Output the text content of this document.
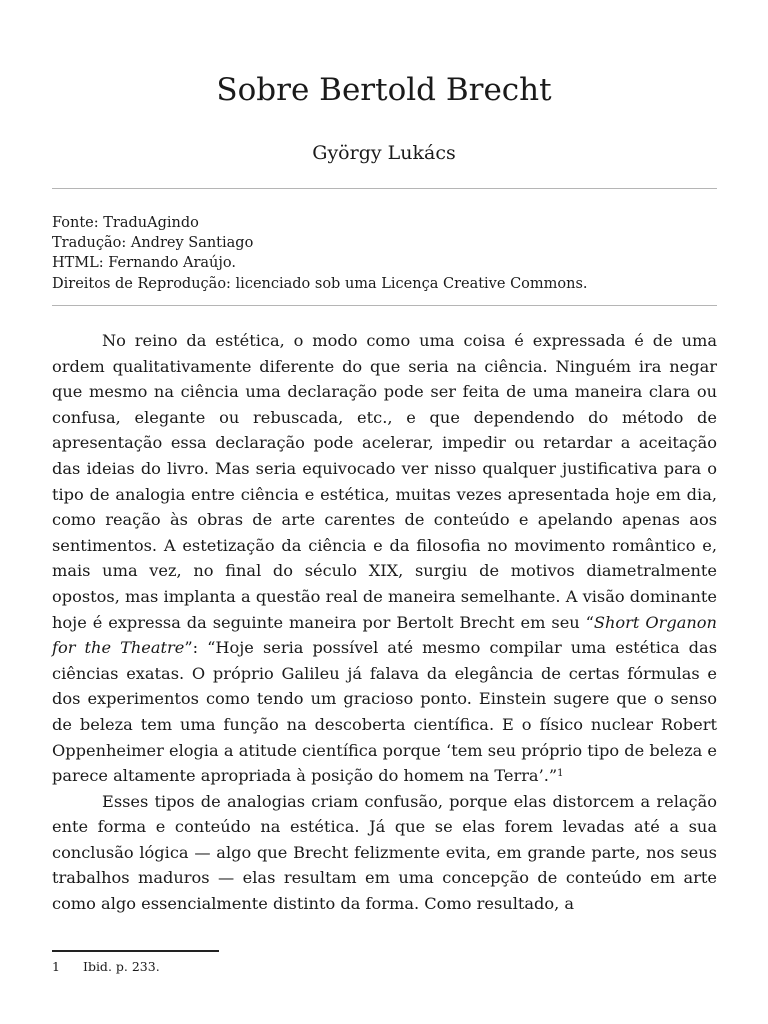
Sobre Bertold Brecht
György Lukács
Fonte: TraduAgindo
Tradução: Andrey Santiago
HTML: Fernando Araújo.
Direitos de Reprodução: licenciado sob uma Licença Creative Commons.

No reino da estética, o modo como uma coisa é expressada é de uma ordem qualitativamente diferente do que seria na ciência. Ninguém ira negar que mesmo na ciência uma declaração pode ser feita de uma maneira clara ou confusa, elegante ou rebuscada, etc., e que dependendo do método de apresentação essa declaração pode acelerar, impedir ou retardar a aceitação das ideias do livro. Mas seria equivocado ver nisso qualquer justificativa para o tipo de analogia entre ciência e estética, muitas vezes apresentada hoje em dia, como reação às obras de arte carentes de conteúdo e apelando apenas aos sentimentos. A estetização da ciência e da filosofia no movimento romântico e, mais uma vez, no final do século XIX, surgiu de motivos diametralmente opostos, mas implanta a questão real de maneira semelhante. A visão dominante hoje é expressa da seguinte maneira por Bertolt Brecht em seu “Short Organon for the Theatre”: “Hoje seria possível até mesmo compilar uma estética das ciências exatas. O próprio Galileu já falava da elegância de certas fórmulas e dos experimentos como tendo um gracioso ponto. Einstein sugere que o senso de beleza tem uma função na descoberta científica. E o físico nuclear Robert Oppenheimer elogia a atitude científica porque ‘tem seu próprio tipo de beleza e parece altamente apropriada à posição do homem na Terra’.”$^1$

Esses tipos de analogias criam confusão, porque elas distorcem a relação ente forma e conteúdo na estética. Já que se elas forem levadas até a sua conclusão lógica — algo que Brecht felizmente evita, em grande parte, nos seus trabalhos maduros — elas resultam em uma concepção de conteúdo em arte como algo essencialmente distinto da forma. Como resultado, a

1 Ibid. p. 233.
